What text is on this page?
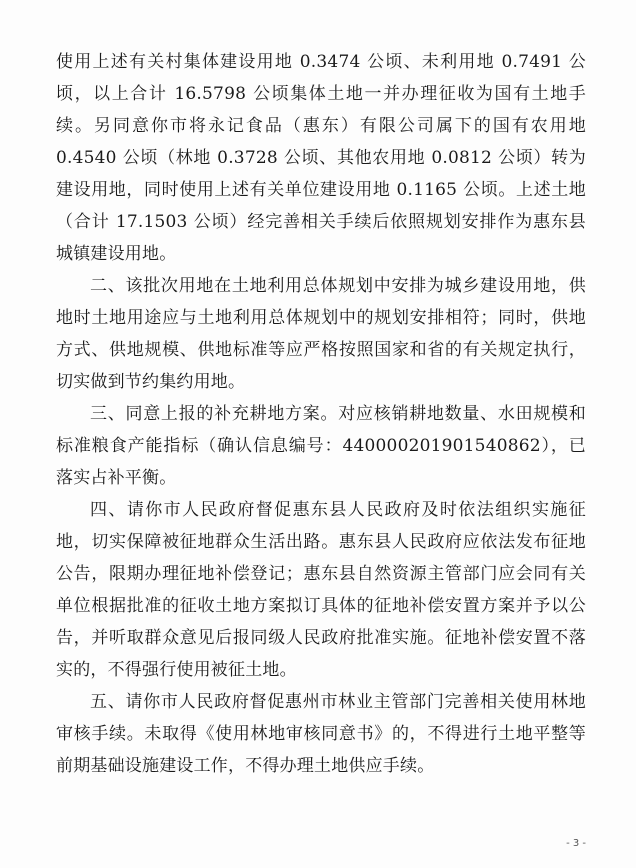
使用上述有关村集体建设用地 0.3474 公顷、未利用地 0.7491 公顷，以上合计 16.5798 公顷集体土地一并办理征收为国有土地手续。另同意你市将永记食品（惠东）有限公司属下的国有农用地 0.4540 公顷（林地 0.3728 公顷、其他农用地 0.0812 公顷）转为建设用地，同时使用上述有关单位建设用地 0.1165 公顷。上述土地（合计 17.1503 公顷）经完善相关手续后依照规划安排作为惠东县城镇建设用地。

二、该批次用地在土地利用总体规划中安排为城乡建设用地，供地时土地用途应与土地利用总体规划中的规划安排相符；同时，供地方式、供地规模、供地标准等应严格按照国家和省的有关规定执行，切实做到节约集约用地。

三、同意上报的补充耕地方案。对应核销耕地数量、水田规模和标准粮食产能指标（确认信息编号：440000201901540862），已落实占补平衡。

四、请你市人民政府督促惠东县人民政府及时依法组织实施征地，切实保障被征地群众生活出路。惠东县人民政府应依法发布征地公告，限期办理征地补偿登记；惠东县自然资源主管部门应会同有关单位根据批准的征收土地方案拟订具体的征地补偿安置方案并予以公告，并听取群众意见后报同级人民政府批准实施。征地补偿安置不落实的，不得强行使用被征土地。

五、请你市人民政府督促惠州市林业主管部门完善相关使用林地审核手续。未取得《使用林地审核同意书》的，不得进行土地平整等前期基础设施建设工作，不得办理土地供应手续。

- 3 -
